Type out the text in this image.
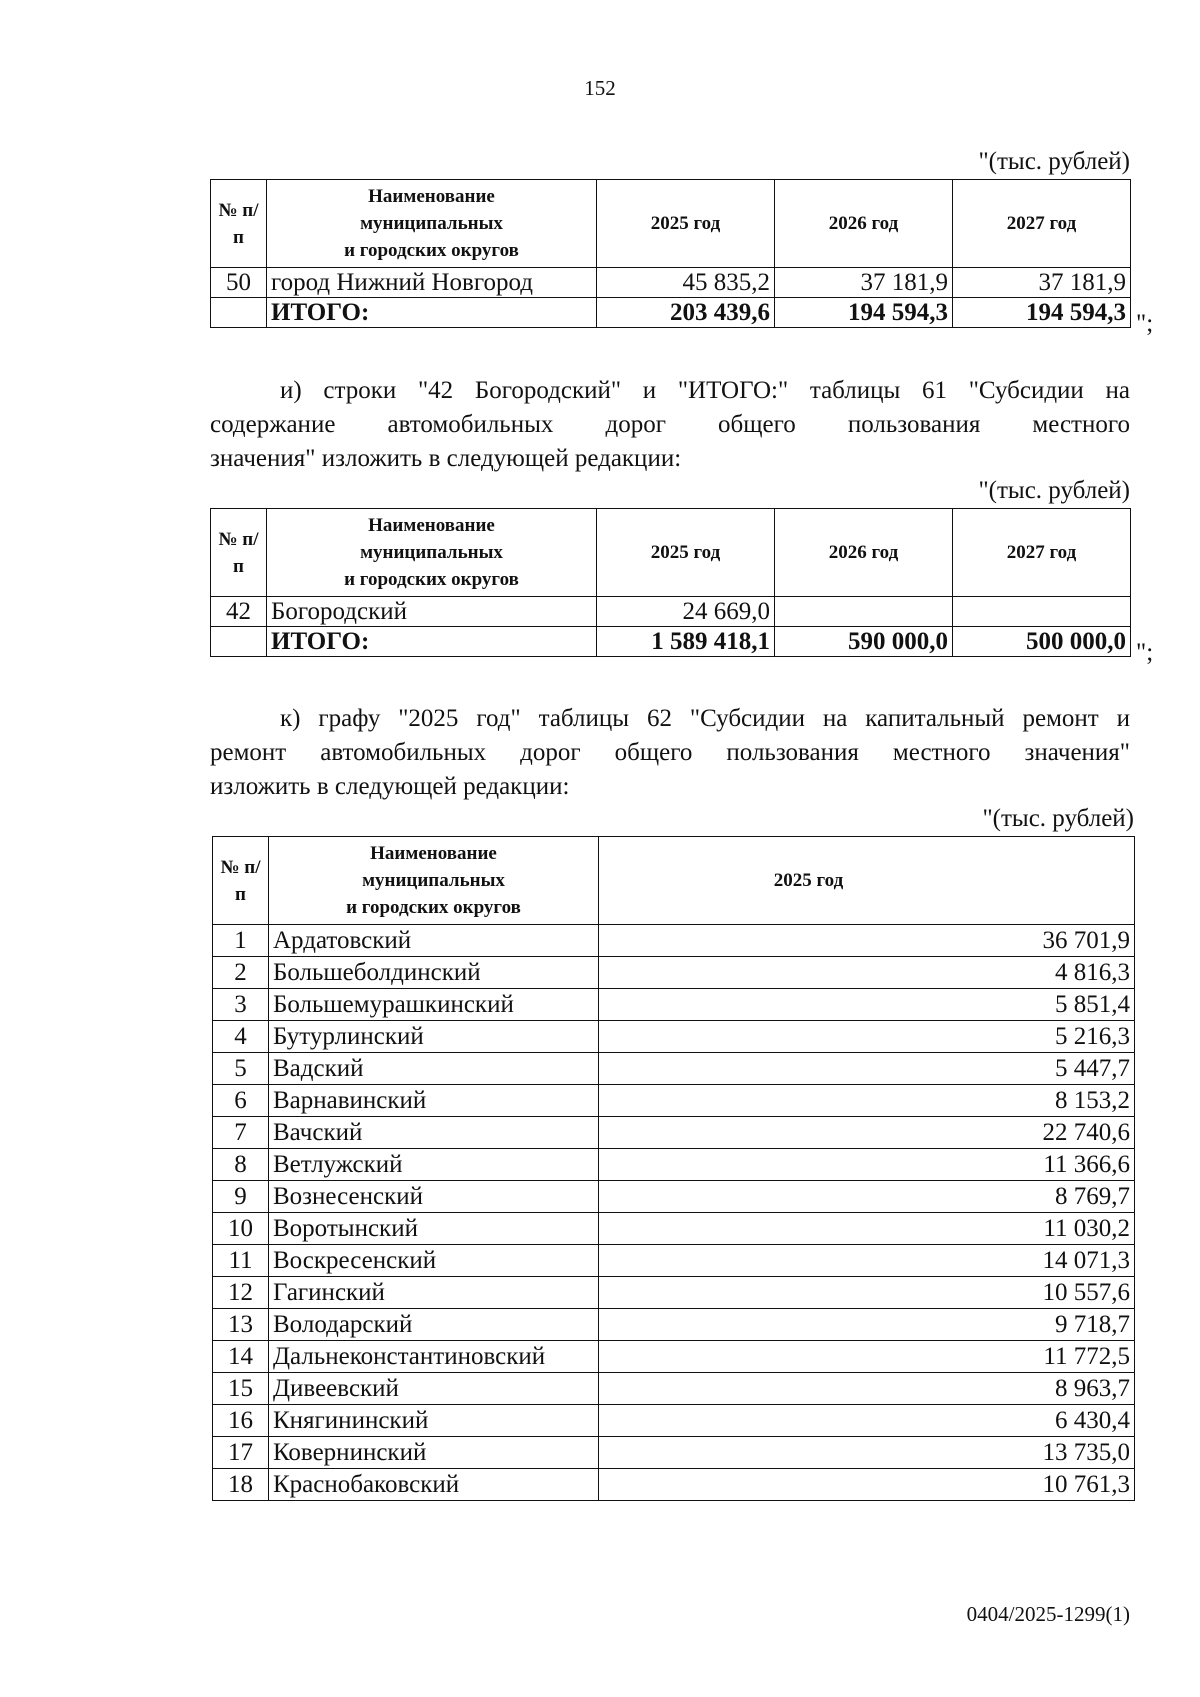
152
"(тыс. рублей)
№ п/п	Наименование
муниципальных
и городских округов	2025 год	2026 год	2027 год
50	город Нижний Новгород	45 835,2	37 181,9	37 181,9
	ИТОГО:	203 439,6	194 594,3	194 594,3 ";
и) строки "42 Богородский" и "ИТОГО:" таблицы 61 "Субсидии на
содержание автомобильных дорог общего пользования местного
значения" изложить в следующей редакции:
"(тыс. рублей)
№ п/п	Наименование
муниципальных
и городских округов	2025 год	2026 год	2027 год
42	Богородский	24 669,0		
	ИТОГО:	1 589 418,1	590 000,0	500 000,0 ";
к) графу "2025 год" таблицы 62 "Субсидии на капитальный ремонт и
ремонт автомобильных дорог общего пользования местного значения"
изложить в следующей редакции:
"(тыс. рублей)
№ п/п	Наименование
муниципальных
и городских округов	2025 год
1	Ардатовский	36 701,9
2	Большеболдинский	4 816,3
3	Большемурашкинский	5 851,4
4	Бутурлинский	5 216,3
5	Вадский	5 447,7
6	Варнавинский	8 153,2
7	Вачский	22 740,6
8	Ветлужский	11 366,6
9	Вознесенский	8 769,7
10	Воротынский	11 030,2
11	Воскресенский	14 071,3
12	Гагинский	10 557,6
13	Володарский	9 718,7
14	Дальнеконстантиновский	11 772,5
15	Дивеевский	8 963,7
16	Княгининский	6 430,4
17	Ковернинский	13 735,0
18	Краснобаковский	10 761,3
0404/2025-1299(1)
